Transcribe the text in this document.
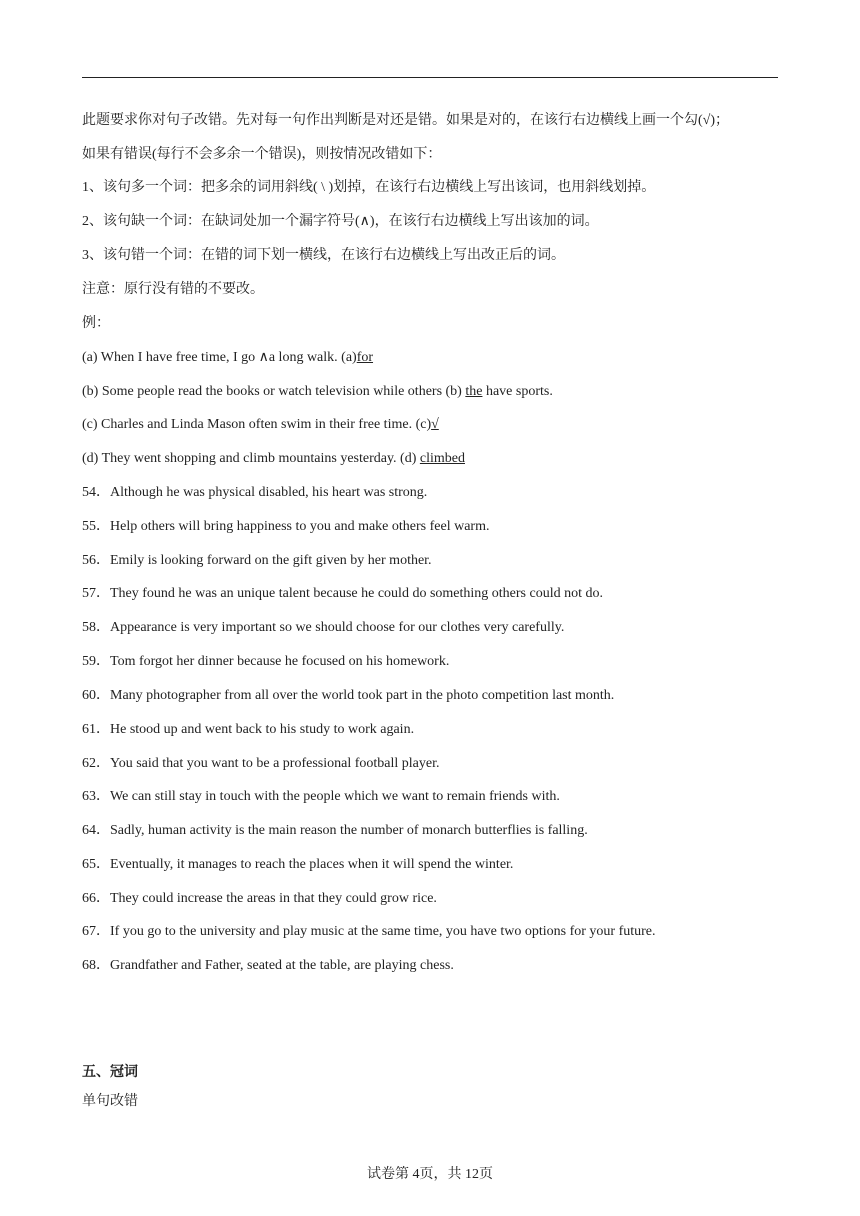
此题要求你对句子改错。先对每一句作出判断是对还是错。如果是对的，在该行右边横线上画一个勾(√)；
如果有错误(每行不会多余一个错误)，则按情况改错如下：
1、该句多一个词：把多余的词用斜线( \ )划掉，在该行右边横线上写出该词，也用斜线划掉。
2、该句缺一个词：在缺词处加一个漏字符号(∧)，在该行右边横线上写出该加的词。
3、该句错一个词：在错的词下划一横线，在该行右边横线上写出改正后的词。
注意：原行没有错的不要改。
例：
(a) When I have free time, I go ∧a long walk. (a)for
(b) Some people read the books or watch television while others (b) the have sports.
(c) Charles and Linda Mason often swim in their free time. (c)√
(d) They went shopping and climb mountains yesterday. (d) climbed
54．Although he was physical disabled, his heart was strong.
55．Help others will bring happiness to you and make others feel warm.
56．Emily is looking forward on the gift given by her mother.
57．They found he was an unique talent because he could do something others could not do.
58．Appearance is very important so we should choose for our clothes very carefully.
59．Tom forgot her dinner because he focused on his homework.
60．Many photographer from all over the world took part in the photo competition last month.
61．He stood up and went back to his study to work again.
62．You said that you want to be a professional football player.
63．We can still stay in touch with the people which we want to remain friends with.
64．Sadly, human activity is the main reason the number of monarch butterflies is falling.
65．Eventually, it manages to reach the places when it will spend the winter.
66．They could increase the areas in that they could grow rice.
67．If you go to the university and play music at the same time, you have two options for your future.
68．Grandfather and Father, seated at the table, are playing chess.
五、冠词
单句改错
试卷第 4页，共 12页
